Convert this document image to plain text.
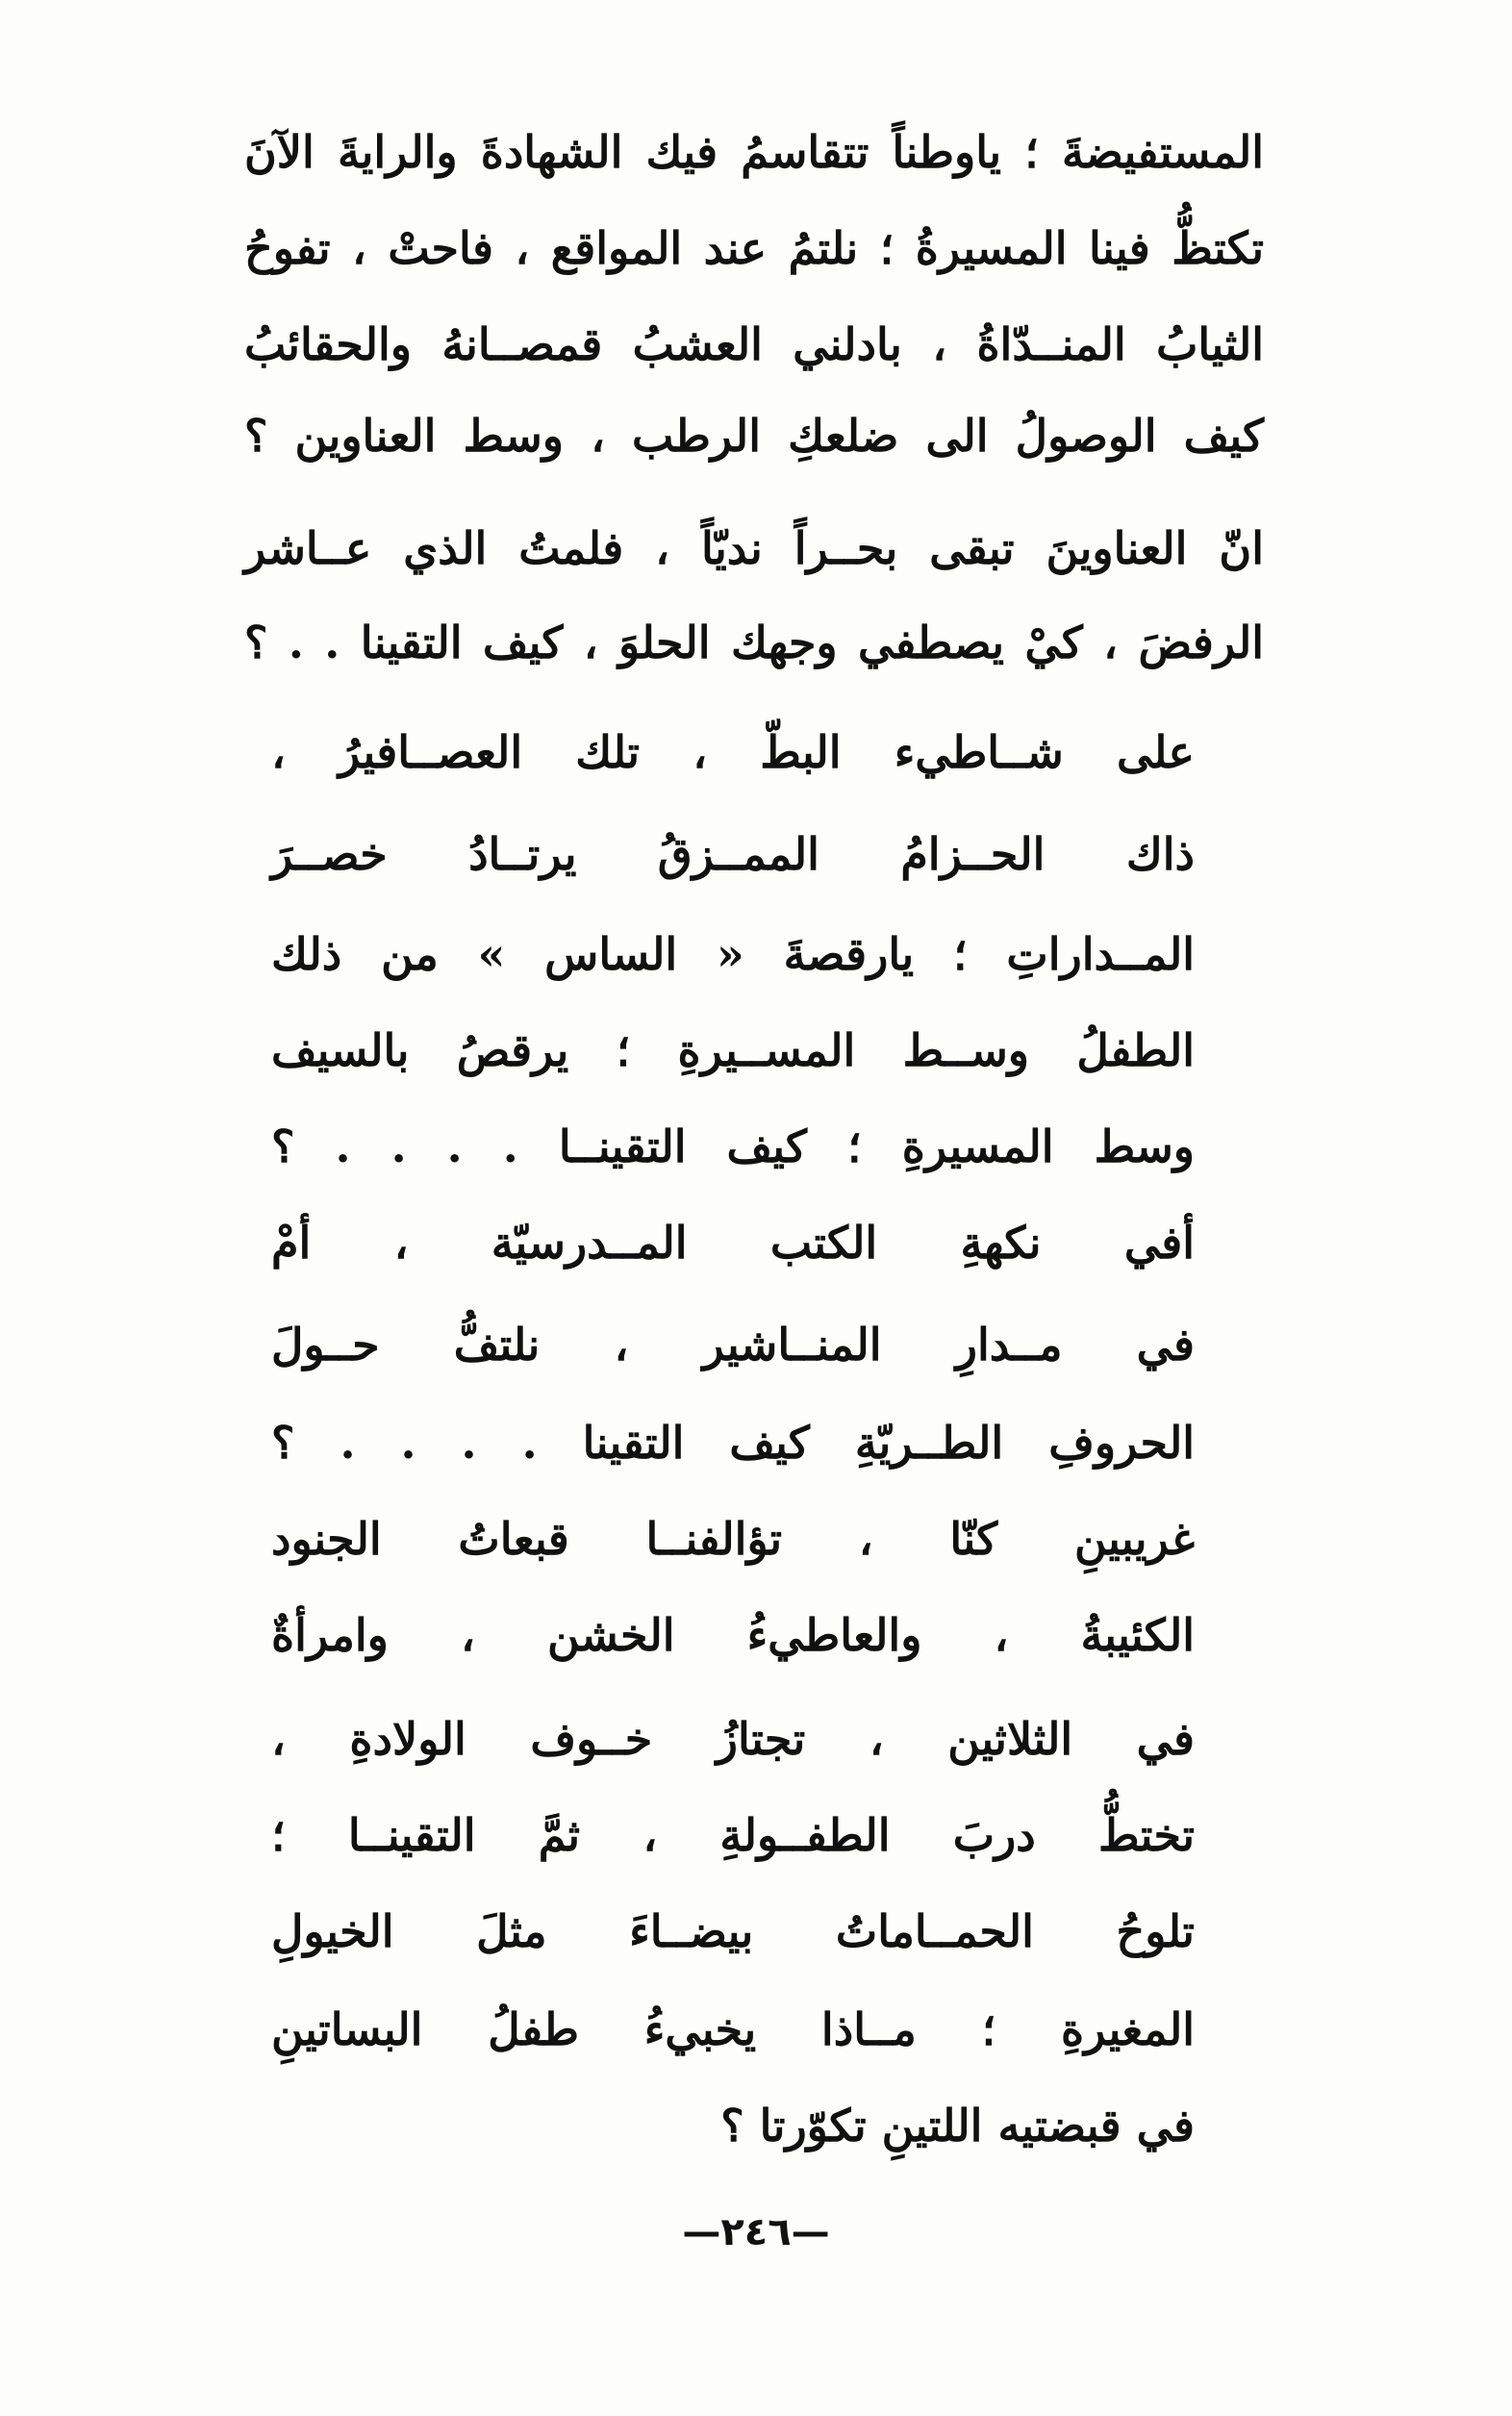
المستفيضةَ ؛ ياوطناً تتقاسمُ فيك الشهادةَ والرايةَ الآنَ
تكتظُّ فينا المسيرةُ ؛ نلتمُ عند المواقع ، فاحتْ ، تفوحُ
الثيابُ المنــدّاةُ ، بادلني العشبُ قمصــانهُ والحقائبُ
كيف الوصولُ الى ضلعكِ الرطب ، وسط العناوين ؟
انّ العناوينَ تبقى بحــراً نديّاً ، فلمتُ الذي عــاشر
الرفضَ ، كيْ يصطفي وجهك الحلوَ ، كيف التقينا . . ؟
على شــاطيء البطّ ، تلك العصــافيرُ ،
ذاك الحــزامُ الممــزقُ يرتــادُ خصــرَ
المــداراتِ ؛ يارقصةَ « الساس » من ذلك
الطفلُ وســط المســيرةِ ؛ يرقصُ بالسيف
وسط المسيرةِ ؛ كيف التقينــا . . . . ؟
أفي نكهةِ الكتب المــدرسيّة ، أمْ
في مــدارِ المنــاشير ، نلتفُّ حــولَ
الحروفِ الطــريّةِ كيف التقينا . . . . ؟
غريبينِ كنّا ، تؤالفنــا قبعاتُ الجنود
الكئيبةُ ، والعاطيءُ الخشن ، وامرأةٌ
في الثلاثين ، تجتازُ خــوف الولادةِ ،
تختطُّ دربَ الطفــولةِ ، ثمَّ التقينــا ؛
تلوحُ الحمــاماتُ بيضــاءَ مثلَ الخيولِ
المغيرةِ ؛ مــاذا يخبيءُ طفلُ البساتينِ
في قبضتيه اللتينِ تكوّرتا ؟
—٢٤٦—
